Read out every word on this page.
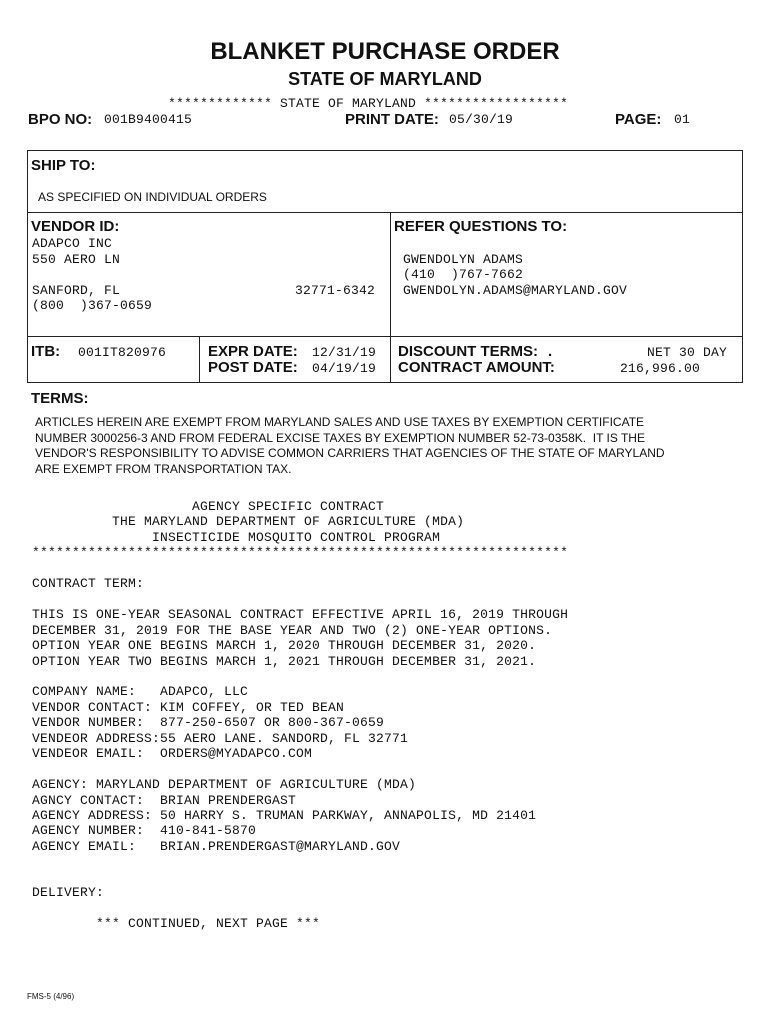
BLANKET PURCHASE ORDER
STATE OF MARYLAND
************* STATE OF MARYLAND ******************
BPO NO: 001B9400415	PRINT DATE: 05/30/19	PAGE: 01
SHIP TO:
AS SPECIFIED ON INDIVIDUAL ORDERS
VENDOR ID:
ADAPCO INC
550 AERO LN
SANFORD, FL	32771-6342
(800  )367-0659
REFER QUESTIONS TO:
GWENDOLYN ADAMS
(410  )767-7662
GWENDOLYN.ADAMS@MARYLAND.GOV
ITB: 001IT820976	EXPR DATE: 12/31/19
POST DATE: 04/19/19
DISCOUNT TERMS: .	NET 30 DAY
CONTRACT AMOUNT:	216,996.00
TERMS:
ARTICLES HEREIN ARE EXEMPT FROM MARYLAND SALES AND USE TAXES BY EXEMPTION CERTIFICATE
NUMBER 3000256-3 AND FROM FEDERAL EXCISE TAXES BY EXEMPTION NUMBER 52-73-0358K.  IT IS THE
VENDOR'S RESPONSIBILITY TO ADVISE COMMON CARRIERS THAT AGENCIES OF THE STATE OF MARYLAND
ARE EXEMPT FROM TRANSPORTATION TAX.
AGENCY SPECIFIC CONTRACT
THE MARYLAND DEPARTMENT OF AGRICULTURE (MDA)
INSECTICIDE MOSQUITO CONTROL PROGRAM
*******************************************************************
CONTRACT TERM:
THIS IS ONE-YEAR SEASONAL CONTRACT EFFECTIVE APRIL 16, 2019 THROUGH
DECEMBER 31, 2019 FOR THE BASE YEAR AND TWO (2) ONE-YEAR OPTIONS.
OPTION YEAR ONE BEGINS MARCH 1, 2020 THROUGH DECEMBER 31, 2020.
OPTION YEAR TWO BEGINS MARCH 1, 2021 THROUGH DECEMBER 31, 2021.
COMPANY NAME:   ADAPCO, LLC
VENDOR CONTACT: KIM COFFEY, OR TED BEAN
VENDOR NUMBER:  877-250-6507 OR 800-367-0659
VENDEOR ADDRESS:55 AERO LANE. SANDORD, FL 32771
VENDEOR EMAIL:  ORDERS@MYADAPCO.COM
AGENCY: MARYLAND DEPARTMENT OF AGRICULTURE (MDA)
AGNCY CONTACT:  BRIAN PRENDERGAST
AGENCY ADDRESS: 50 HARRY S. TRUMAN PARKWAY, ANNAPOLIS, MD 21401
AGENCY NUMBER:  410-841-5870
AGENCY EMAIL:   BRIAN.PRENDERGAST@MARYLAND.GOV
DELIVERY:
*** CONTINUED, NEXT PAGE ***
FMS-5 (4/96)
